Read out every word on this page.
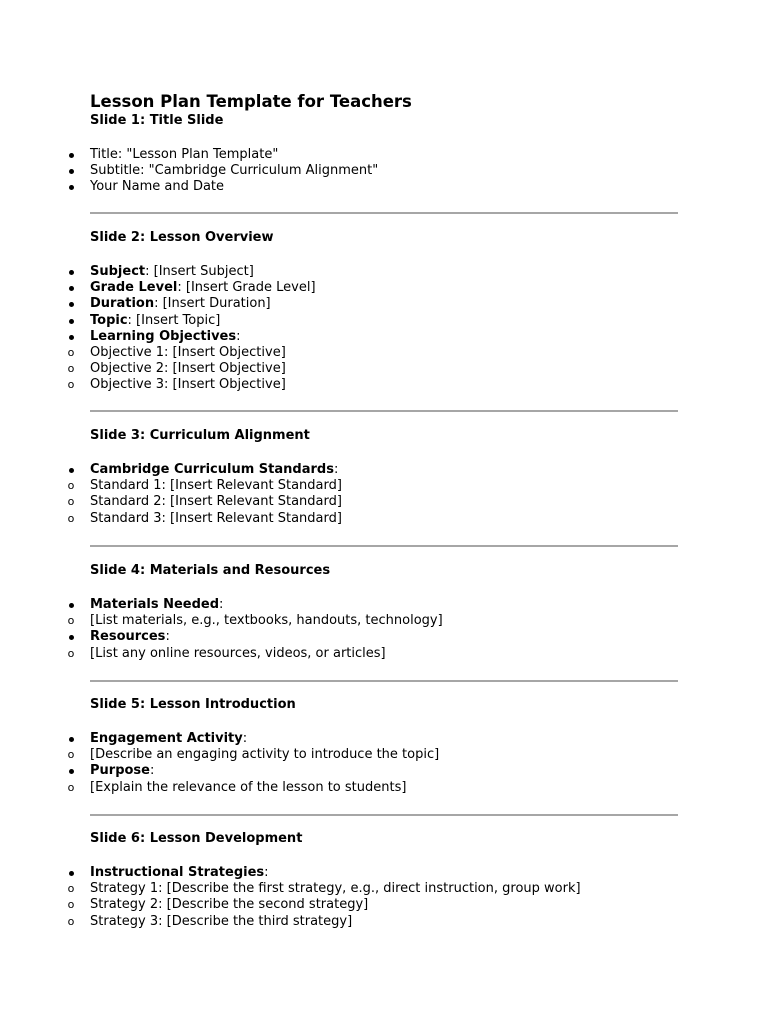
Lesson Plan Template for Teachers
Slide 1: Title Slide
Title: "Lesson Plan Template"
Subtitle: "Cambridge Curriculum Alignment"
Your Name and Date
Slide 2: Lesson Overview
Subject: [Insert Subject]
Grade Level: [Insert Grade Level]
Duration: [Insert Duration]
Topic: [Insert Topic]
Learning Objectives:
o Objective 1: [Insert Objective]
o Objective 2: [Insert Objective]
o Objective 3: [Insert Objective]
Slide 3: Curriculum Alignment
Cambridge Curriculum Standards:
o Standard 1: [Insert Relevant Standard]
o Standard 2: [Insert Relevant Standard]
o Standard 3: [Insert Relevant Standard]
Slide 4: Materials and Resources
Materials Needed:
o [List materials, e.g., textbooks, handouts, technology]
Resources:
o [List any online resources, videos, or articles]
Slide 5: Lesson Introduction
Engagement Activity:
o [Describe an engaging activity to introduce the topic]
Purpose:
o [Explain the relevance of the lesson to students]
Slide 6: Lesson Development
Instructional Strategies:
o Strategy 1: [Describe the first strategy, e.g., direct instruction, group work]
o Strategy 2: [Describe the second strategy]
o Strategy 3: [Describe the third strategy]
